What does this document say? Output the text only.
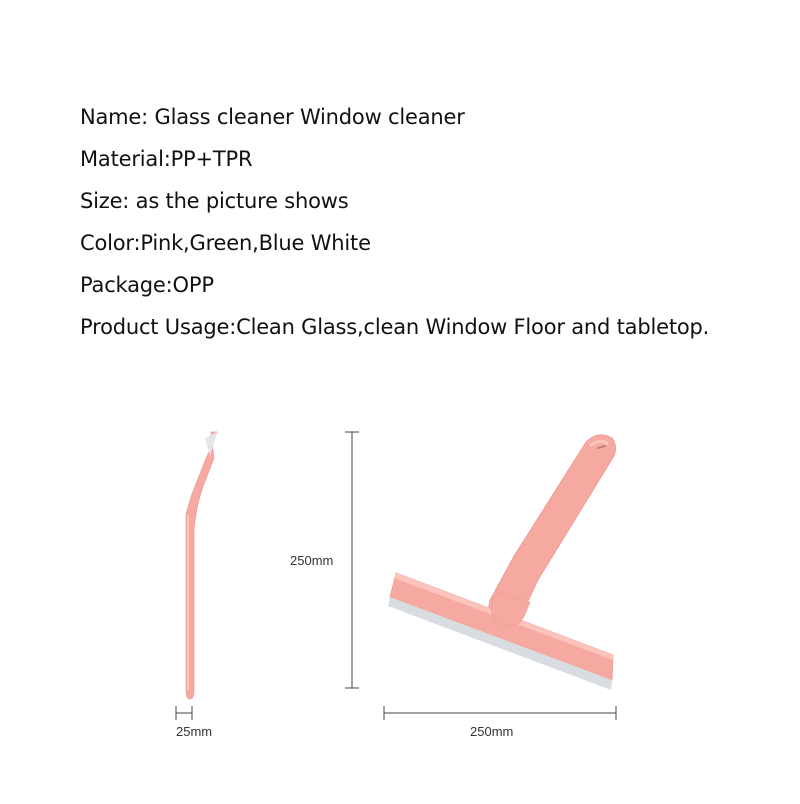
Name: Glass cleaner Window cleaner
Material:PP+TPR
Size: as the picture shows
Color:Pink,Green,Blue White
Package:OPP
Product Usage:Clean Glass,clean Window Floor and tabletop.
25mm
250mm
250mm
